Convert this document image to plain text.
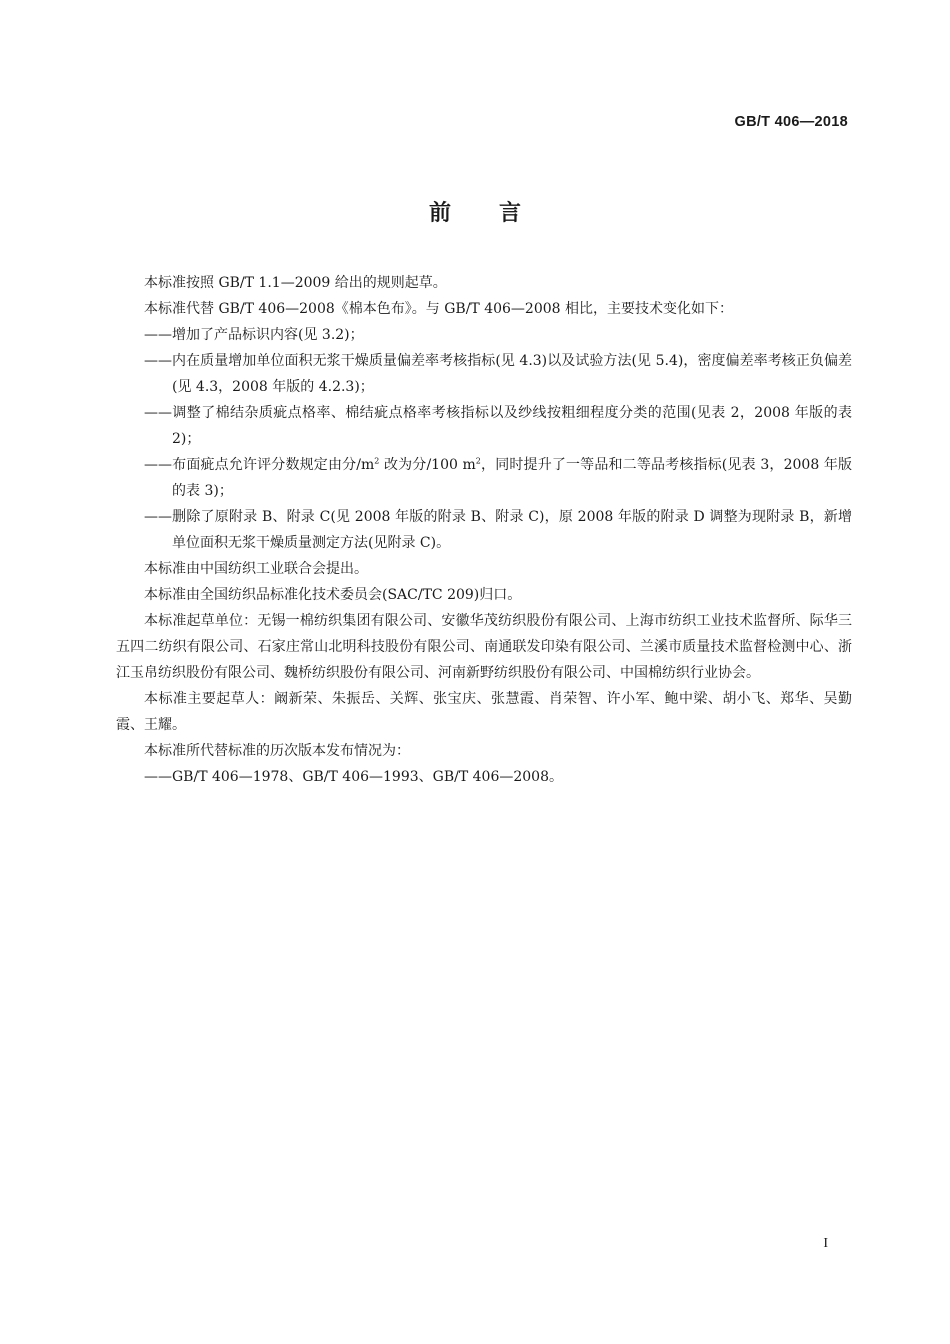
GB/T 406—2018
前言

本标准按照 GB/T 1.1—2009 给出的规则起草。

本标准代替 GB/T 406—2008《棉本色布》。与 GB/T 406—2008 相比，主要技术变化如下：

——增加了产品标识内容(见 3.2)；

——内在质量增加单位面积无浆干燥质量偏差率考核指标(见 4.3)以及试验方法(见 5.4)，密度偏差率考核正负偏差(见 4.3，2008 年版的 4.2.3)；

——调整了棉结杂质疵点格率、棉结疵点格率考核指标以及纱线按粗细程度分类的范围(见表 2，2008 年版的表 2)；

——布面疵点允许评分数规定由分$/m^2$ 改为分/100 $m^2$，同时提升了一等品和二等品考核指标(见表 3，2008 年版的表 3)；

——删除了原附录 B、附录 C(见 2008 年版的附录 B、附录 C)，原 2008 年版的附录 D 调整为现附录 B，新增单位面积无浆干燥质量测定方法(见附录 C)。

本标准由中国纺织工业联合会提出。

本标准由全国纺织品标准化技术委员会(SAC/TC 209)归口。

本标准起草单位：无锡一棉纺织集团有限公司、安徽华茂纺织股份有限公司、上海市纺织工业技术监督所、际华三五四二纺织有限公司、石家庄常山北明科技股份有限公司、南通联发印染有限公司、兰溪市质量技术监督检测中心、浙江玉帛纺织股份有限公司、魏桥纺织股份有限公司、河南新野纺织股份有限公司、中国棉纺织行业协会。

本标准主要起草人：阚新荣、朱振岳、关辉、张宝庆、张慧霞、肖荣智、许小军、鲍中梁、胡小飞、郑华、吴勤霞、王耀。

本标准所代替标准的历次版本发布情况为：

——GB/T 406—1978、GB/T 406—1993、GB/T 406—2008。

I
